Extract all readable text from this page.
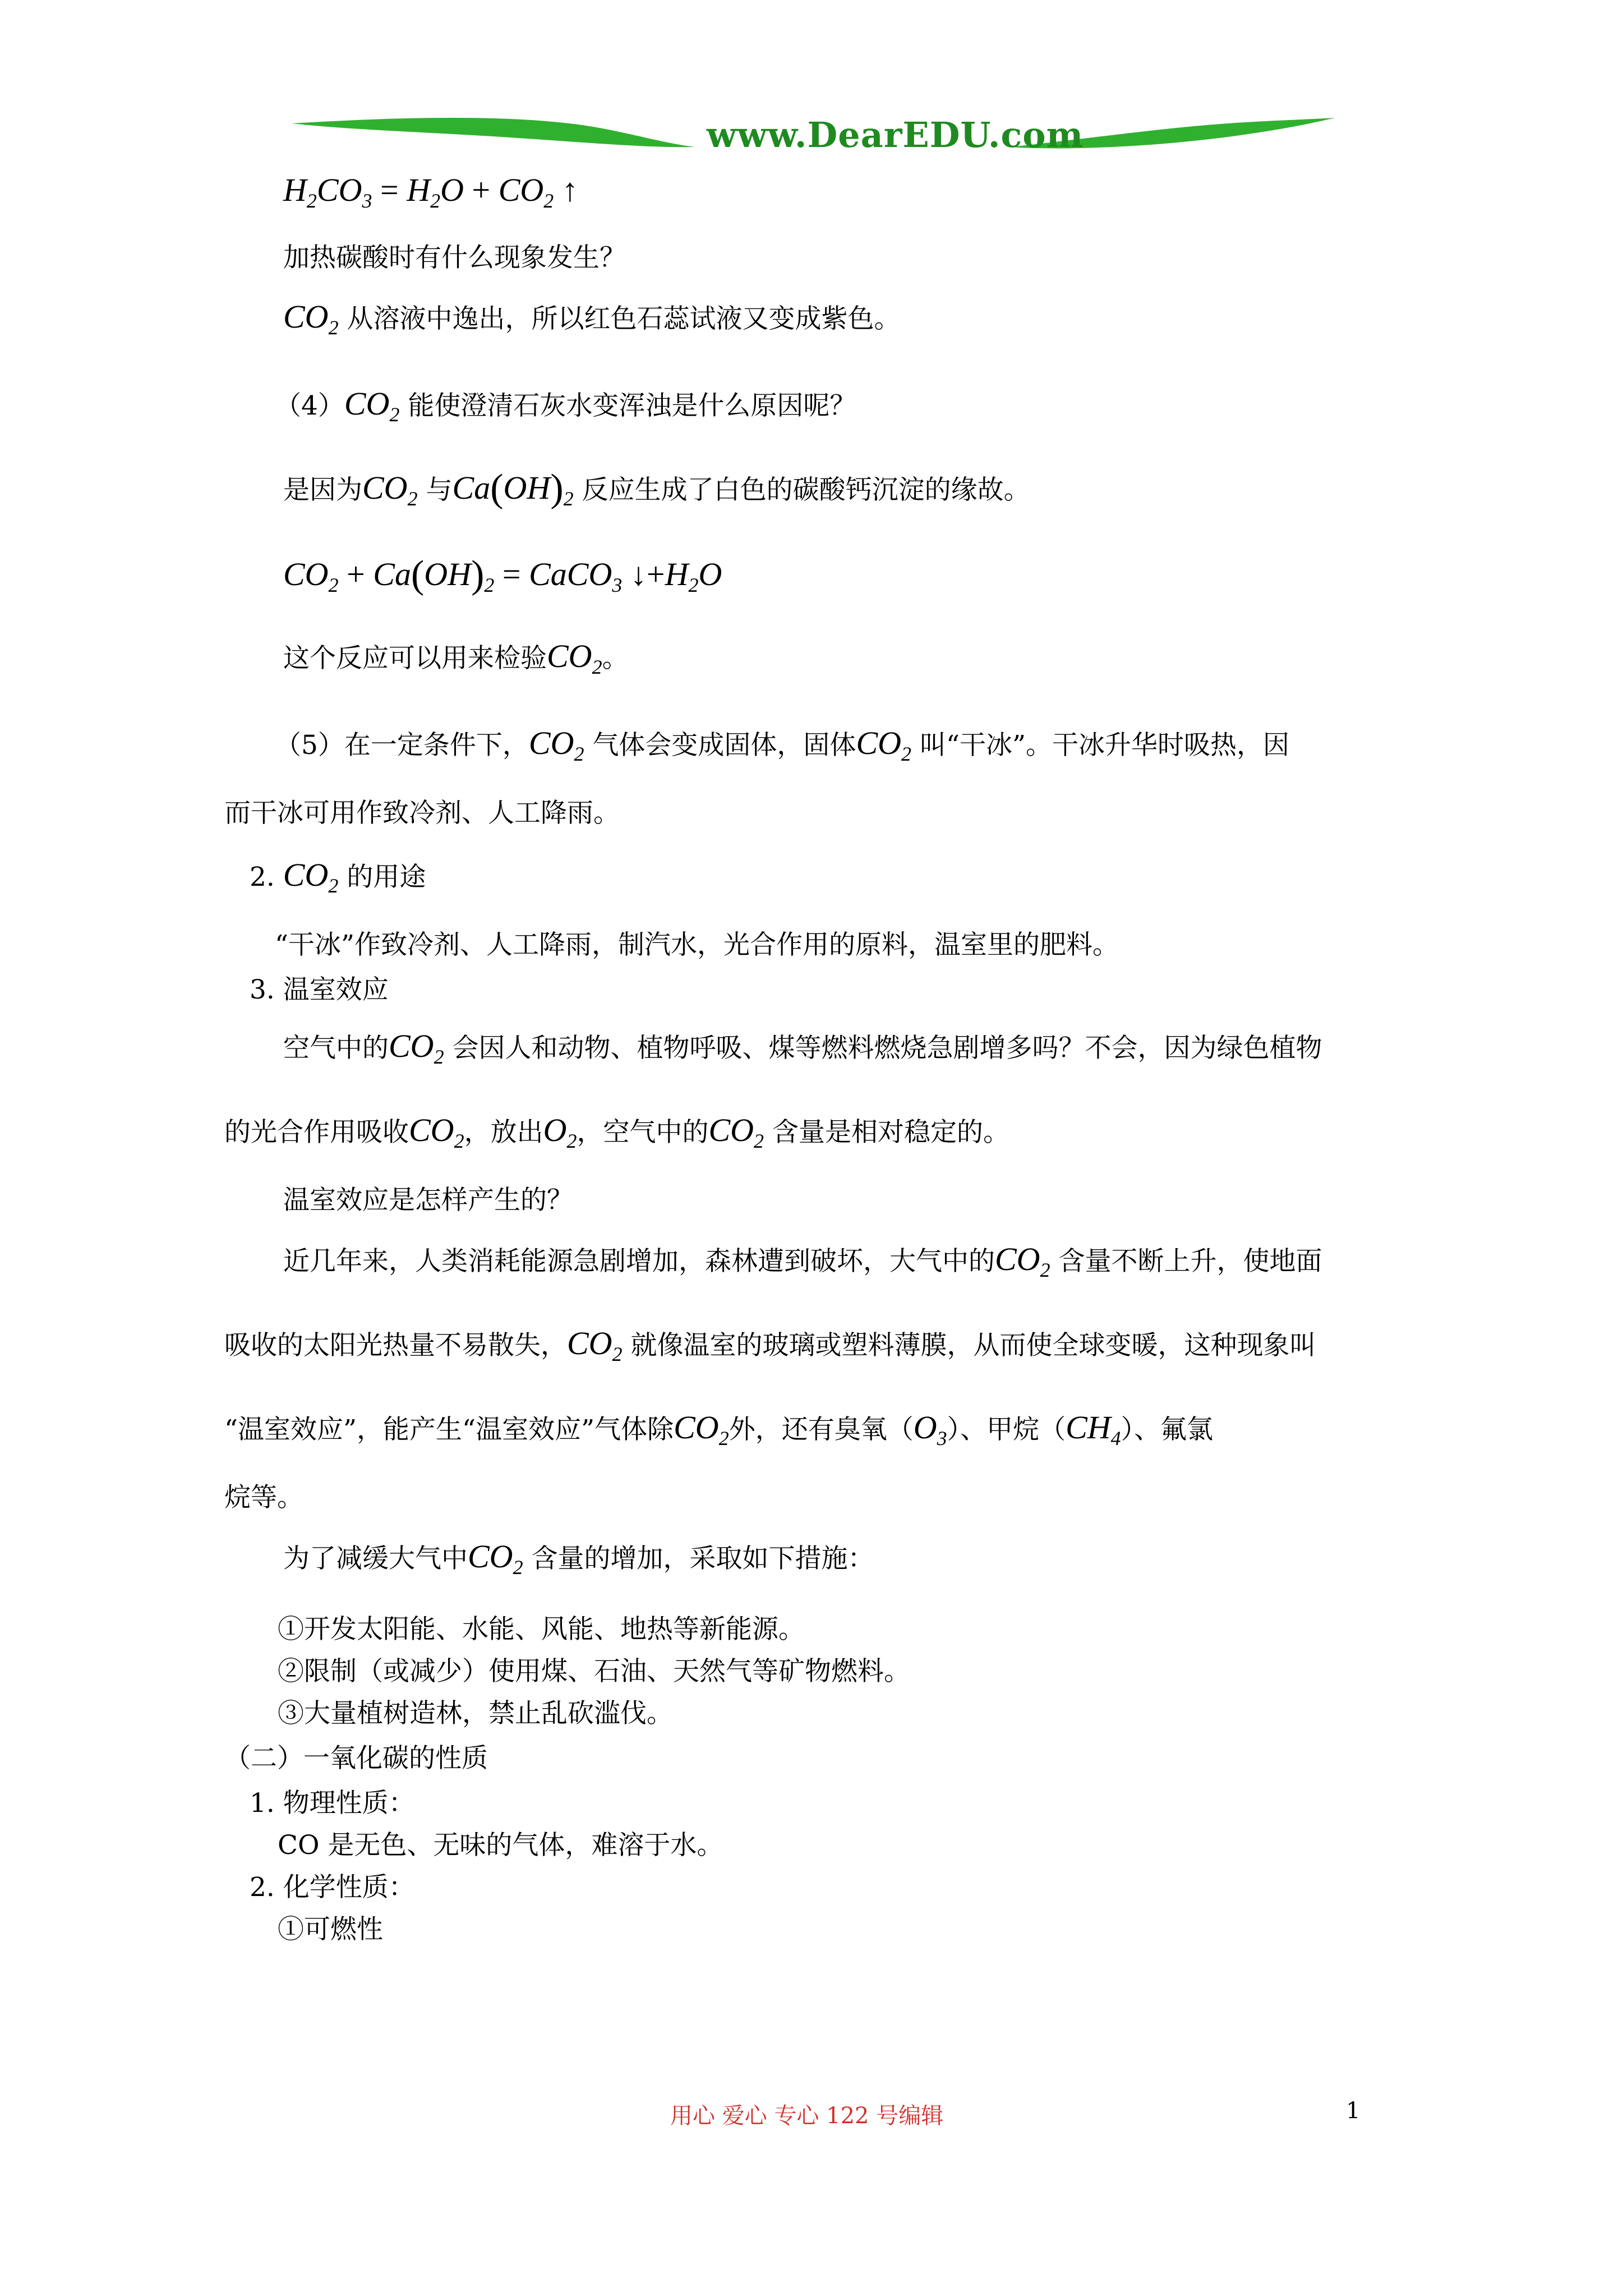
www.DearEDU.com
$H_2CO_3 = H_2O + CO_2$ ↑
加热碳酸时有什么现象发生？
$CO_2$ 从溶液中逸出，所以红色石蕊试液又变成紫色。
$(4)CO_2$ 能使澄清石灰水变浑浊是什么原因呢？
是因为$CO_2$ 与$Ca(OH)_2$ 反应生成了白色的碳酸钙沉淀的缘故。
$CO_2 + Ca(OH)_2$ = CaCO$_3$ $↓+H_2O$
这个反应可以用来检验$CO_2$。
（5）在一定条件下，$CO_2$ 气体会变成固体，固体$CO_2$ 叫“干冰”。干冰升华时吸热，因
而干冰可用作致冷剂、人工降雨。
2. $CO_2$ 的用途
“干冰”作致冷剂、人工降雨，制汽水，光合作用的原料，温室里的肥料。
3. 温室效应
空气中的$CO_2$ 会因人和动物、植物呼吸、煤等燃料燃烧急剧增多吗？不会，因为绿色植物
的光合作用吸收$CO_2$，放出$O_2$，空气中的$CO_2$ 含量是相对稳定的。
温室效应是怎样产生的？
近几年来，人类消耗能源急剧增加，森林遭到破坏，大气中的$CO_2$ 含量不断上升，使地面
吸收的太阳光热量不易散失，$CO_2$ 就像温室的玻璃或塑料薄膜，从而使全球变暖，这种现象叫
“温室效应”，能产生“温室效应”气体除$CO_2$外，还有臭氧$(O_3)$、甲烷$(CH_4)$、氟氯
烷等。
为了减缓大气中$CO_2$ 含量的增加，采取如下措施：
①开发太阳能、水能、风能、地热等新能源。
②限制（或减少）使用煤、石油、天然气等矿物燃料。
③大量植树造林，禁止乱砍滥伐。
（二）一氧化碳的性质
1. 物理性质：
CO 是无色、无味的气体，难溶于水。
2. 化学性质：
①可燃性
用心 爱心 专心 122 号编辑	1
